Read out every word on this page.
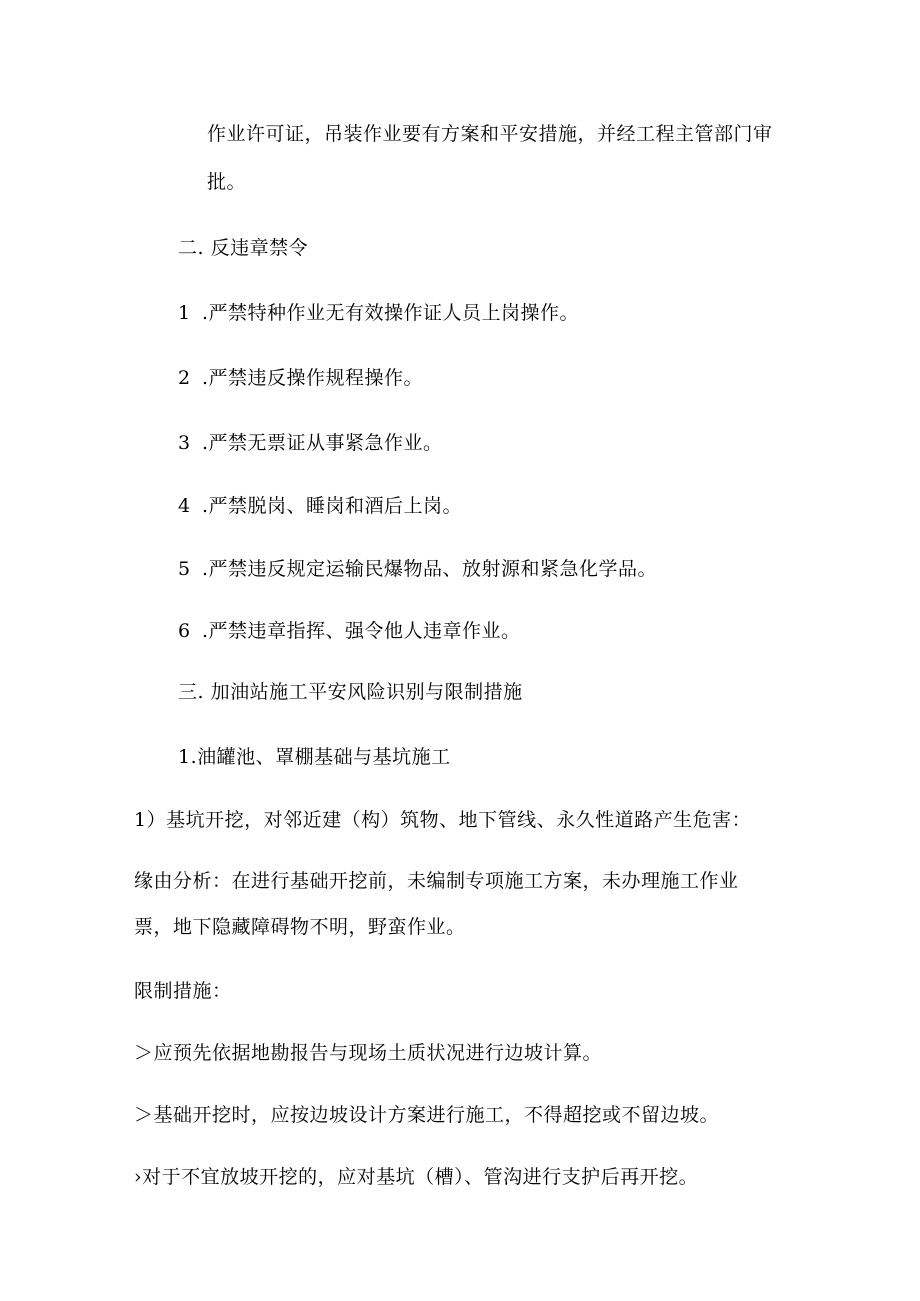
作业许可证，吊装作业要有方案和平安措施，并经工程主管部门审
批。
二. 反违章禁令
1 .严禁特种作业无有效操作证人员上岗操作。
2 .严禁违反操作规程操作。
3 .严禁无票证从事紧急作业。
4 .严禁脱岗、睡岗和酒后上岗。
5 .严禁违反规定运输民爆物品、放射源和紧急化学品。
6 .严禁违章指挥、强令他人违章作业。
三. 加油站施工平安风险识别与限制措施
1.油罐池、罩棚基础与基坑施工
1）基坑开挖，对邻近建（构）筑物、地下管线、永久性道路产生危害：
缘由分析：在进行基础开挖前，未编制专项施工方案，未办理施工作业
票，地下隐藏障碍物不明，野蛮作业。
限制措施：
＞应预先依据地勘报告与现场土质状况进行边坡计算。
＞基础开挖时，应按边坡设计方案进行施工，不得超挖或不留边坡。
›对于不宜放坡开挖的，应对基坑（槽）、管沟进行支护后再开挖。
